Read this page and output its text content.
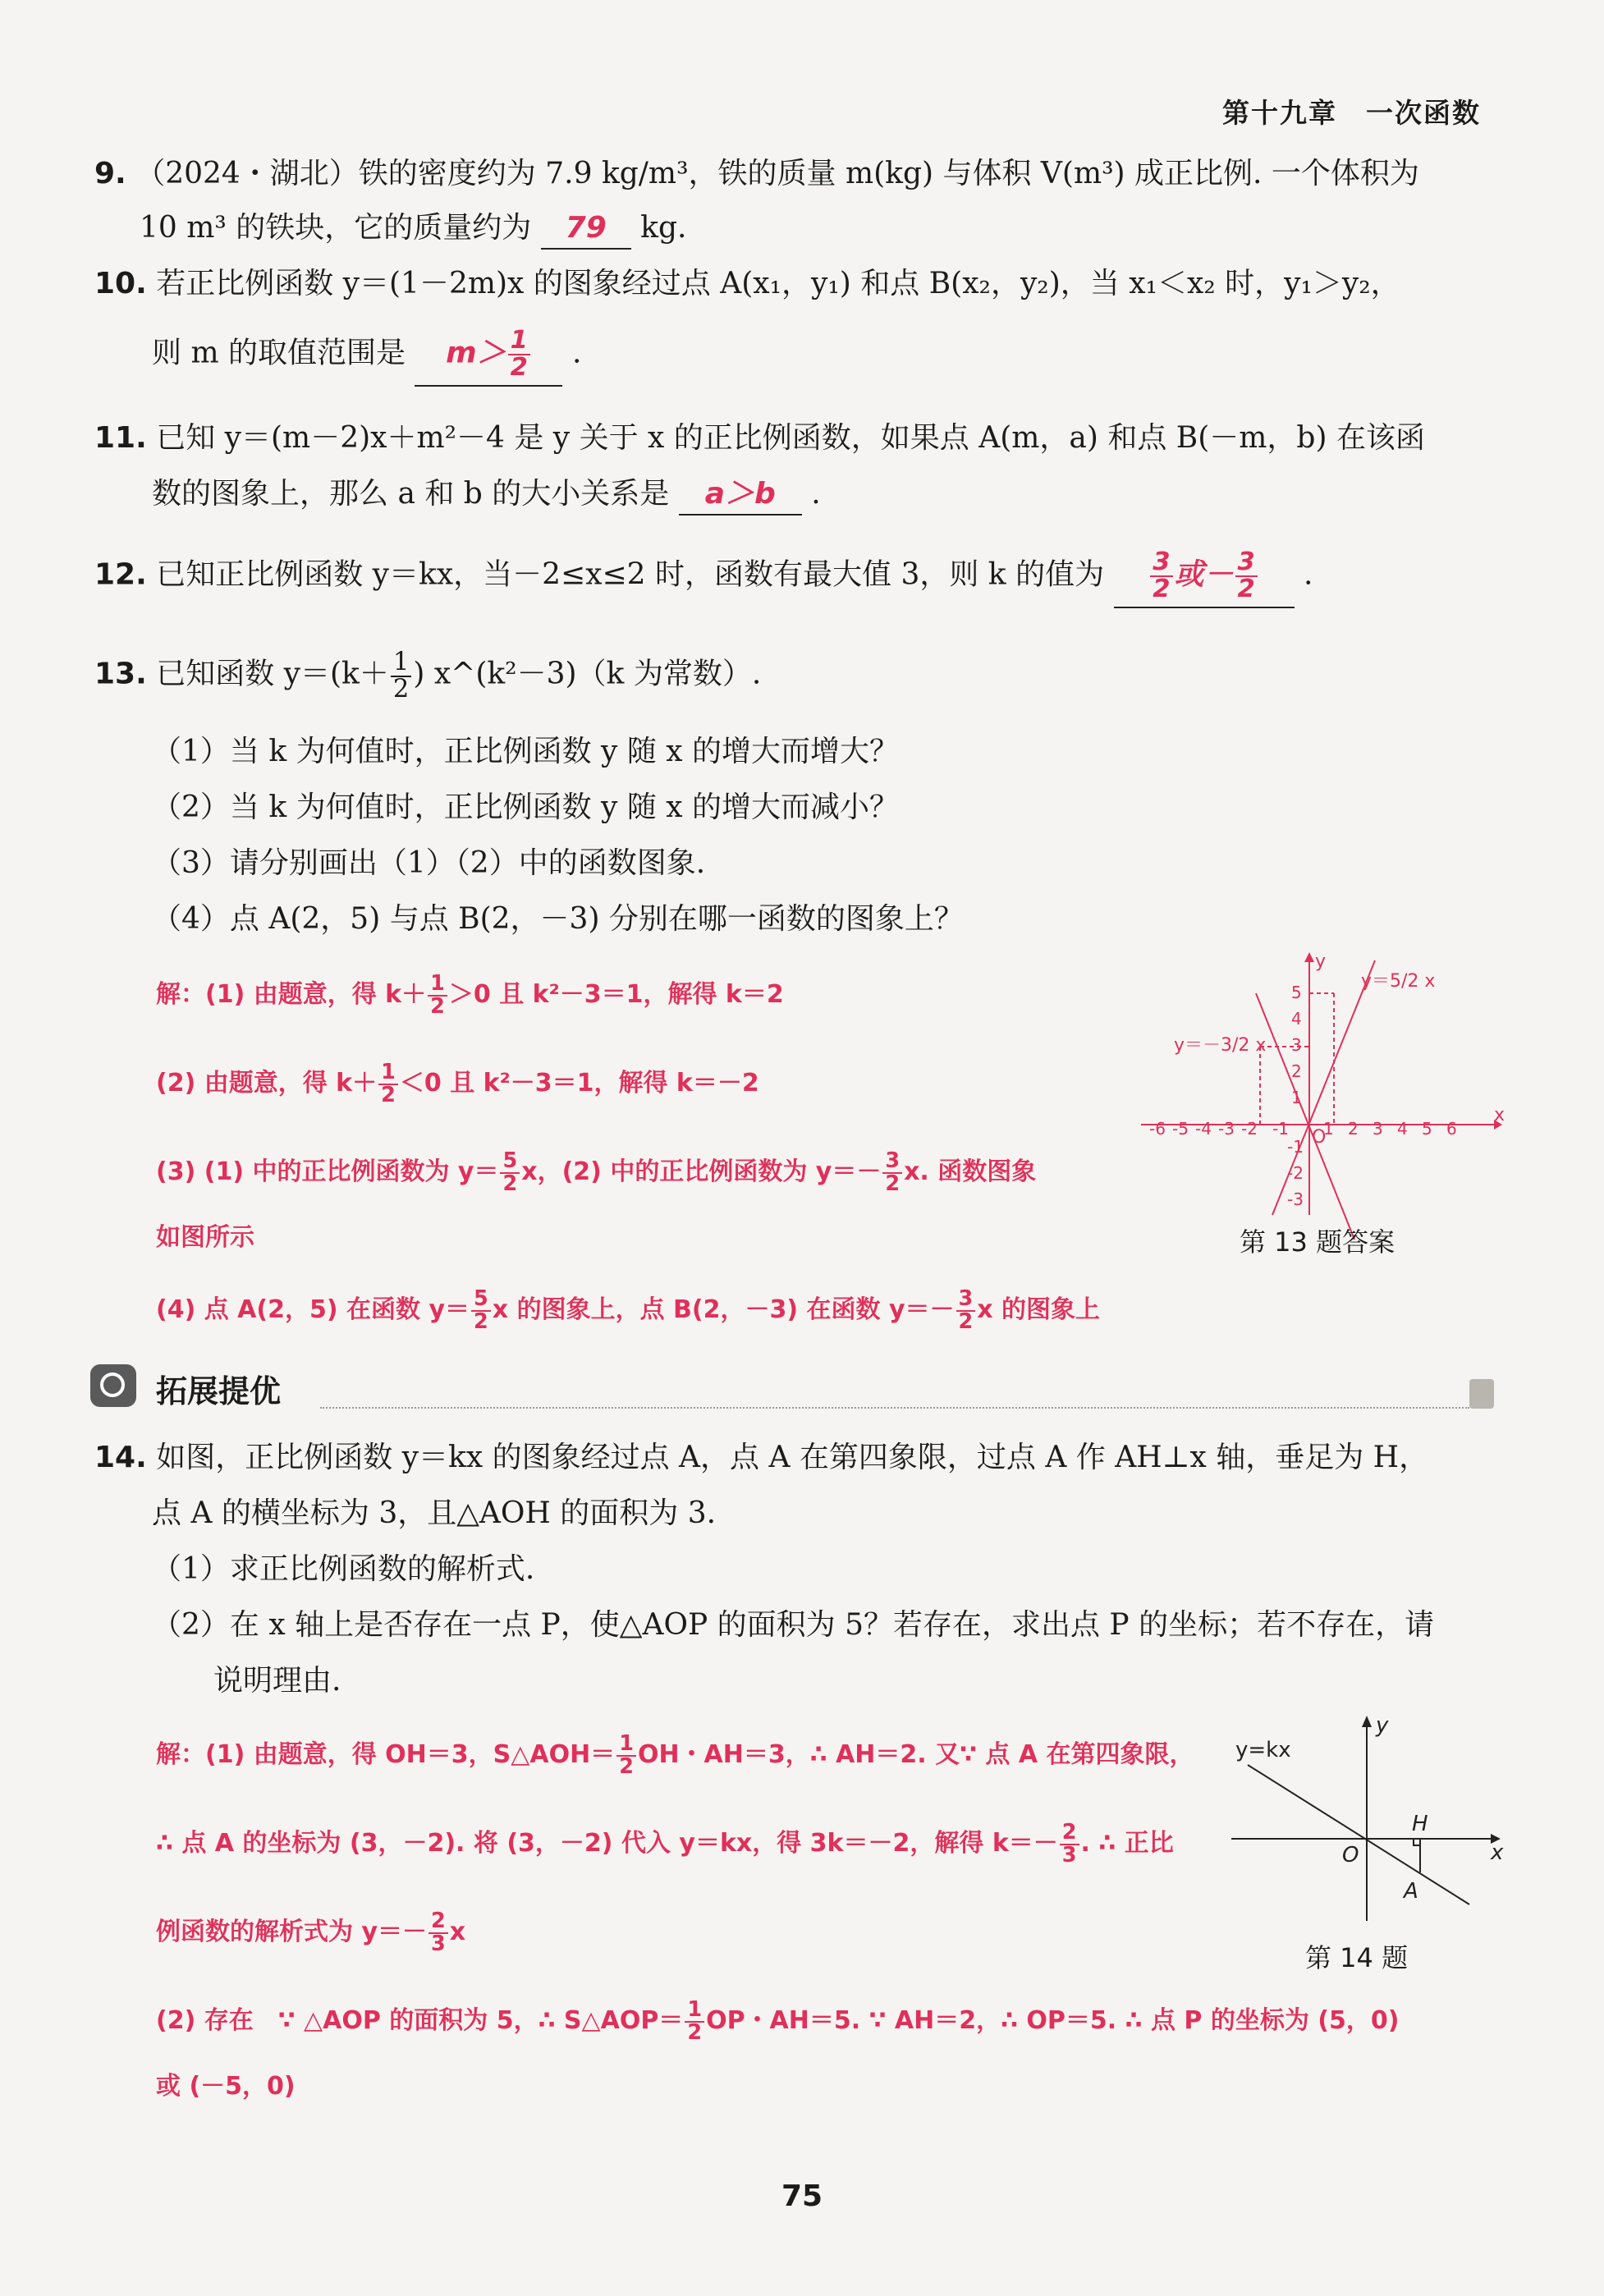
第十九章　一次函数
9. （2024・湖北）铁的密度约为 7.9 kg/m³，铁的质量 m(kg) 与体积 V(m³) 成正比例. 一个体积为
10 m³ 的铁块，它的质量约为 79 kg.
10. 若正比例函数 y＝(1－2m)x 的图象经过点 A(x₁，y₁) 和点 B(x₂，y₂)，当 x₁＜x₂ 时，y₁＞y₂，
则 m 的取值范围是 $m> \frac{1}{2}$ .
11. 已知 y＝(m－2)x＋m²－4 是 y 关于 x 的正比例函数，如果点 A(m，a) 和点 B(－m，b) 在该函
数的图象上，那么 a 和 b 的大小关系是 a＞b .
12. 已知正比例函数 y＝kx，当－2≤x≤2 时，函数有最大值 3，则 k 的值为 $\frac{3}{2}$ 或－ $\frac{3}{2}$ .
13. 已知函数 $y=(k+ \frac{1}{2}$ ) x^(k²－3)（k 为常数）.
（1）当 k 为何值时，正比例函数 y 随 x 的增大而增大？
（2）当 k 为何值时，正比例函数 y 随 x 的增大而减小？
（3）请分别画出（1）（2）中的函数图象.
（4）点 A(2，5) 与点 B(2，－3) 分别在哪一函数的图象上？
解：(1) 由题意，得 $k+ \frac{1}{2} >0$ 且 k²－3＝1，解得 k＝2
(2) 由题意，得 $k+ \frac{1}{2} <0$ 且 k²－3＝1，解得 k＝－2
(3) (1) 中的正比例函数为 $y= \frac{5}{2}$ x，(2) 中的正比例函数为 $y=- \frac{3}{2} x$. 函数图象
如图所示
(4) 点 A(2，5) 在函数 $y= \frac{5}{2}$ x 的图象上，点 B(2，－3) 在函数 $y=- \frac{3}{2}$ x 的图象上
x
y
O
y＝5/2 x
y＝－3/2 x
-6 -5 -4 -3 -2 -1 1 2 3 4 5 6
5
4
3
2
1
-1
-2
-3
第 13 题答案
拓展提优
14. 如图，正比例函数 y＝kx 的图象经过点 A，点 A 在第四象限，过点 A 作 AH⊥x 轴，垂足为 H，
点 A 的横坐标为 3，且△AOH 的面积为 3.
（1）求正比例函数的解析式.
（2）在 x 轴上是否存在一点 P，使△AOP 的面积为 5？若存在，求出点 P 的坐标；若不存在，请
说明理由.
解：(1) 由题意，得 OH＝3，S△AOH＝ $\frac{1}{2}$ OH・AH＝3，∴ AH＝2. 又∵ 点 A 在第四象限，
∴ 点 A 的坐标为 (3，－2). 将 (3，－2) 代入 y＝kx，得 3k＝－2，解得 $k=- \frac{2}{3}$ . ∴ 正比
例函数的解析式为 $y=- \frac{2}{3}$ x
(2) 存在　∵ △AOP 的面积为 5，∴ S△AOP＝ $\frac{1}{2}$ OP・AH＝5. ∵ AH＝2，∴ OP＝5. ∴ 点 P 的坐标为 (5，0)
或 (－5，0)
x
y
O
H
A
y=kx
第 14 题
75
